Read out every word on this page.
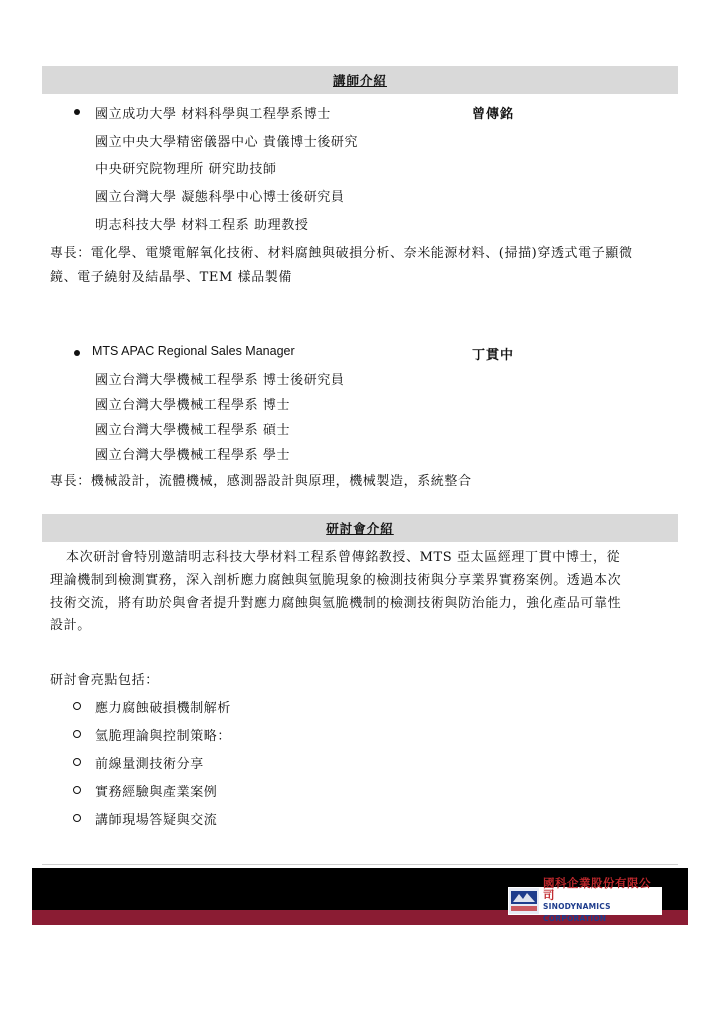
講師介紹
國立成功大學 材料科學與工程學系博士	曾傳銘
國立中央大學精密儀器中心 貴儀博士後研究
中央研究院物理所 研究助技師
國立台灣大學 凝態科學中心博士後研究員
明志科技大學 材料工程系 助理教授
專長：電化學、電漿電解氧化技術、材料腐蝕與破損分析、奈米能源材料、(掃描)穿透式電子顯微
鏡、電子繞射及結晶學、TEM 樣品製備
MTS APAC Regional Sales Manager	丁貫中
國立台灣大學機械工程學系 博士後研究員
國立台灣大學機械工程學系 博士
國立台灣大學機械工程學系 碩士
國立台灣大學機械工程學系 學士
專長：機械設計，流體機械，感測器設計與原理，機械製造，系統整合
研討會介紹
本次研討會特別邀請明志科技大學材料工程系曾傳銘教授、MTS 亞太區經理丁貫中博士，從
理論機制到檢測實務，深入剖析應力腐蝕與氫脆現象的檢測技術與分享業界實務案例。透過本次
技術交流，將有助於與會者提升對應力腐蝕與氫脆機制的檢測技術與防治能力，強化產品可靠性
設計。
研討會亮點包括：
應力腐蝕破損機制解析
氫脆理論與控制策略：
前線量測技術分享
實務經驗與產業案例
講師現場答疑與交流
國科企業股份有限公司
SINODYNAMICS CORPORATION
